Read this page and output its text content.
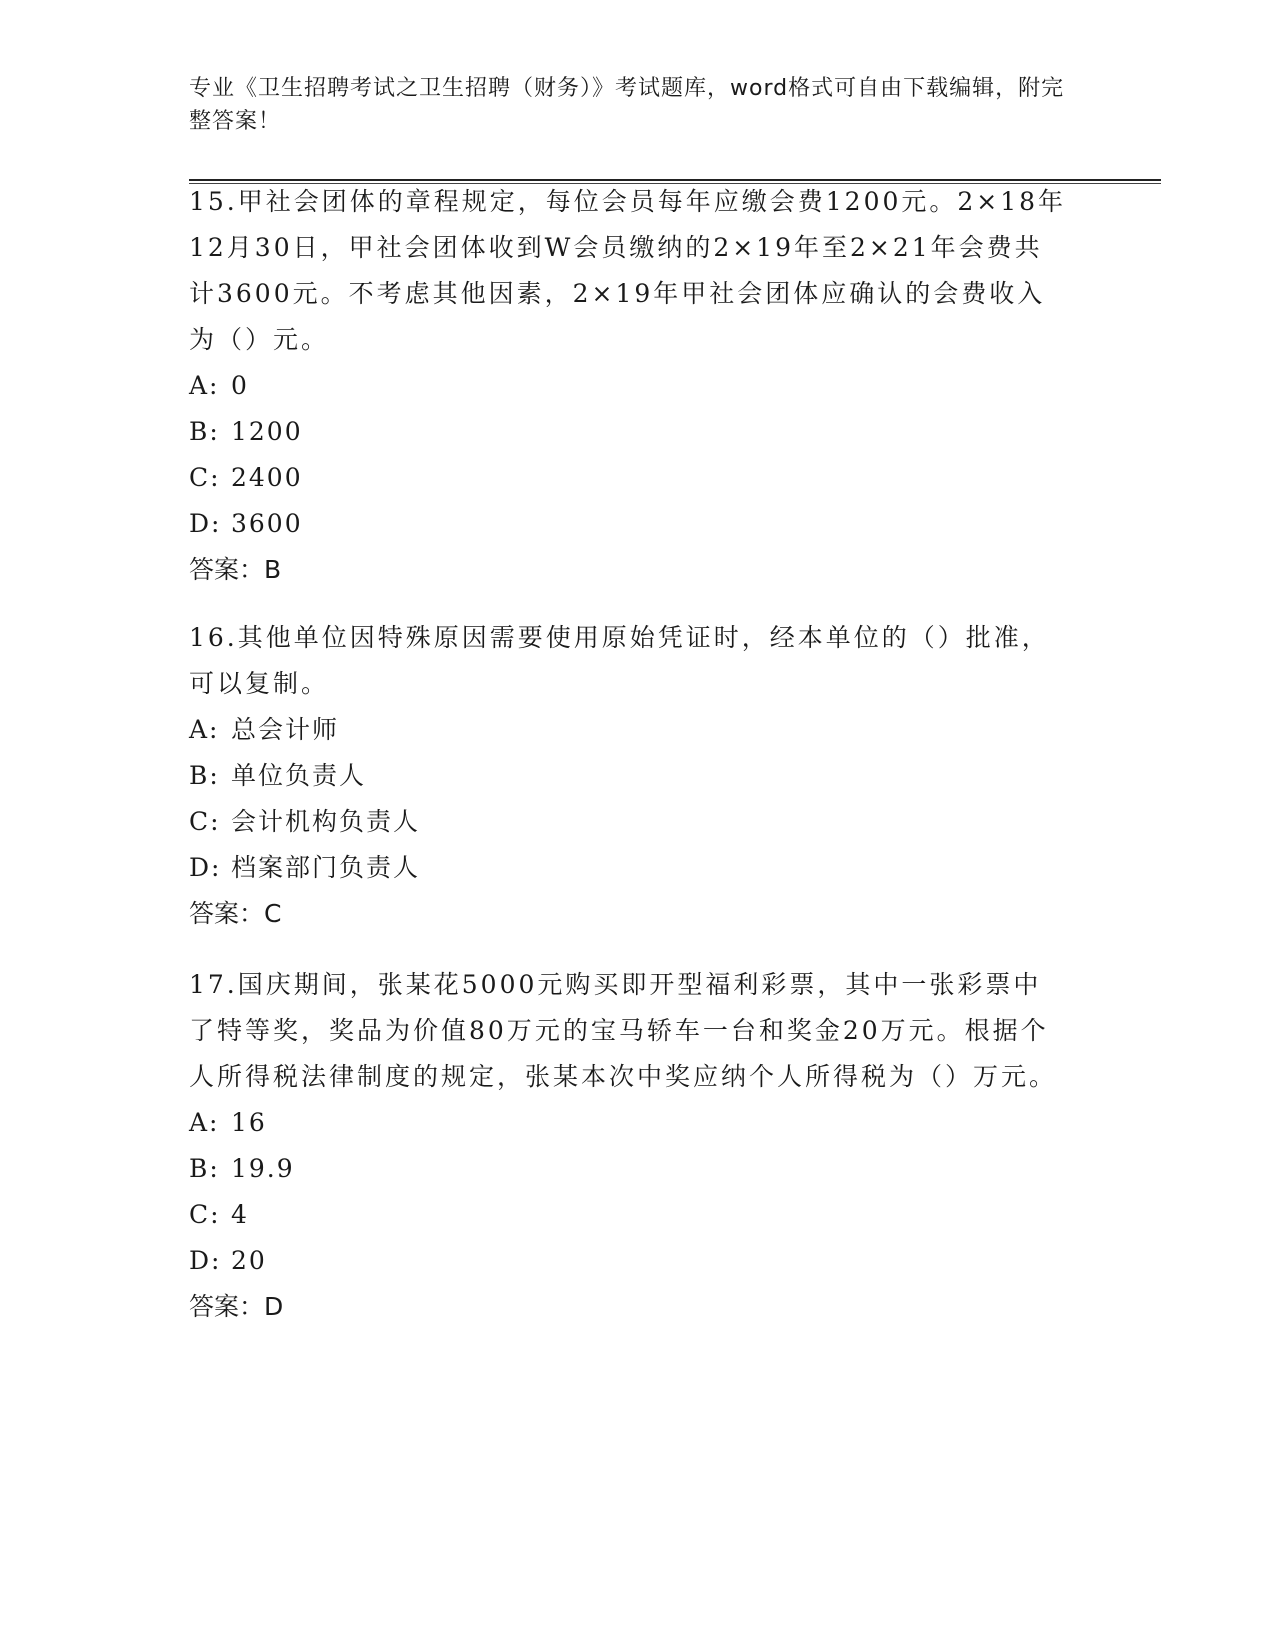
专业《卫生招聘考试之卫生招聘（财务）》考试题库，word格式可自由下载编辑，附完整答案！

15.甲社会团体的章程规定，每位会员每年应缴会费1200元。2×18年12月30日，甲社会团体收到W会员缴纳的2×19年至2×21年会费共计3600元。不考虑其他因素，2×19年甲社会团体应确认的会费收入为（）元。

A: 0
B: 1200
C: 2400
D: 3600

答案：B

16.其他单位因特殊原因需要使用原始凭证时，经本单位的（）批准，可以复制。

A: 总会计师
B: 单位负责人
C: 会计机构负责人
D: 档案部门负责人

答案：C

17.国庆期间，张某花5000元购买即开型福利彩票，其中一张彩票中了特等奖，奖品为价值80万元的宝马轿车一台和奖金20万元。根据个人所得税法律制度的规定，张某本次中奖应纳个人所得税为（）万元。

A: 16
B: 19.9
C: 4
D: 20

答案：D
